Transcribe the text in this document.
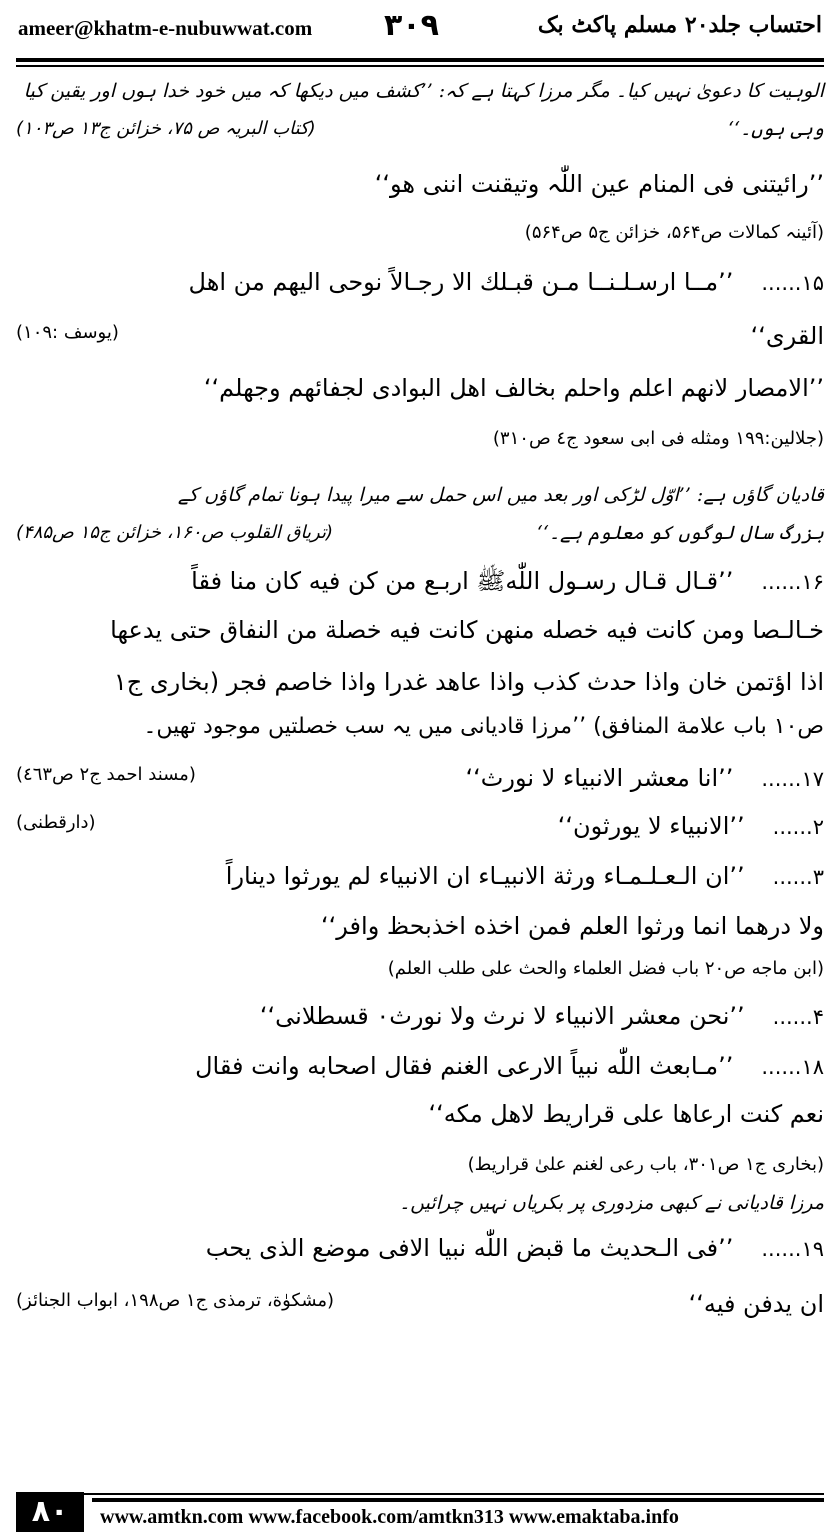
ameer@khatm-e-nubuwwat.com ۳۰۹	احتساب جلد۲۰ مسلم پاکٹ بک
الوہیت کا دعویٰ نہیں کیا۔ مگر مرزا کہتا ہے کہ: ’’کشف میں دیکھا کہ میں خود خدا ہوں اور یقین کیا
وہی ہوں۔‘‘
(کتاب البریہ ص ۷۵، خزائن ج۱۳ ص۱۰۳)
’’رائیتنی فی المنام عین اللّٰہ وتیقنت اننی ھو‘‘
(آئینہ کمالات ص۵۶۴، خزائن ج۵ ص۵۶۴)
۱۵......’’مــا ارسـلـنــا مـن قبـلك الا رجـالاً نوحی الیهم من اهل
القری‘‘
(یوسف :۱۰۹)
’’الامصار لانهم اعلم واحلم بخالف اهل البوادی لجفائهم وجهلم‘‘
(جلالین:۱۹۹ ومثله فی ابی سعود ج٤ ص۳۱۰)
قادیان گاؤں ہے: ’’اوّل لڑکی اور بعد میں اس حمل سے میرا پیدا ہونا تمام گاؤں کے
بزرگ سال لوگوں کو معلوم ہے۔‘‘
(تریاق القلوب ص۱۶۰، خزائن ج۱۵ ص۴۸۵)
۱۶......’’قـال قـال رسـول اللّٰهﷺ اربـع من کن فیه کان منا فقاً
خـالـصا ومن کانت فیه خصله منهن کانت فیه خصلة من النفاق حتی یدعها
اذا اؤتمن خان واذا حدث کذب واذا عاهد غدرا واذا خاصم فجر (بخاری ج۱
ص۱۰ باب علامة المنافق) ’’مرزا قادیانی میں یہ سب خصلتیں موجود تھیں۔
۱۷......’’انا معشر الانبیاء لا نورث‘‘
(مسند احمد ج۲ ص٤٦۳)
۲......’’الانبیاء لا یورثون‘‘
(دارقطنی)
۳......’’ان الـعـلـمـاء ورثة الانبیـاء ان الانبیاء لم یورثوا دیناراً
ولا درهما انما ورثوا العلم فمن اخذه اخذبحظ وافر‘‘
(ابن ماجه ص۲۰ باب فضل العلماء والحث علی طلب العلم)
۴......’’نحن معشر الانبیاء لا نرث ولا نورث۰ قسطلانی‘‘
۱۸......’’مـابعث اللّٰه نبیاً الارعی الغنم فقال اصحابه وانت فقال
نعم کنت ارعاها علی قراریط لاهل مکه‘‘
(بخاری ج۱ ص۳۰۱، باب رعی لغنم علیٰ قراریط)
مرزا قادیانی نے کبھی مزدوری پر بکریاں نہیں چرائیں۔
۱۹......’’فی الـحدیث ما قبض اللّٰه نبیا الافی موضع الذی یحب
ان یدفن فیه‘‘
(مشکوٰة، ترمذی ج۱ ص۱۹۸، ابواب الجنائز)
۸۰	www.amtkn.com www.facebook.com/amtkn313 www.emaktaba.info
